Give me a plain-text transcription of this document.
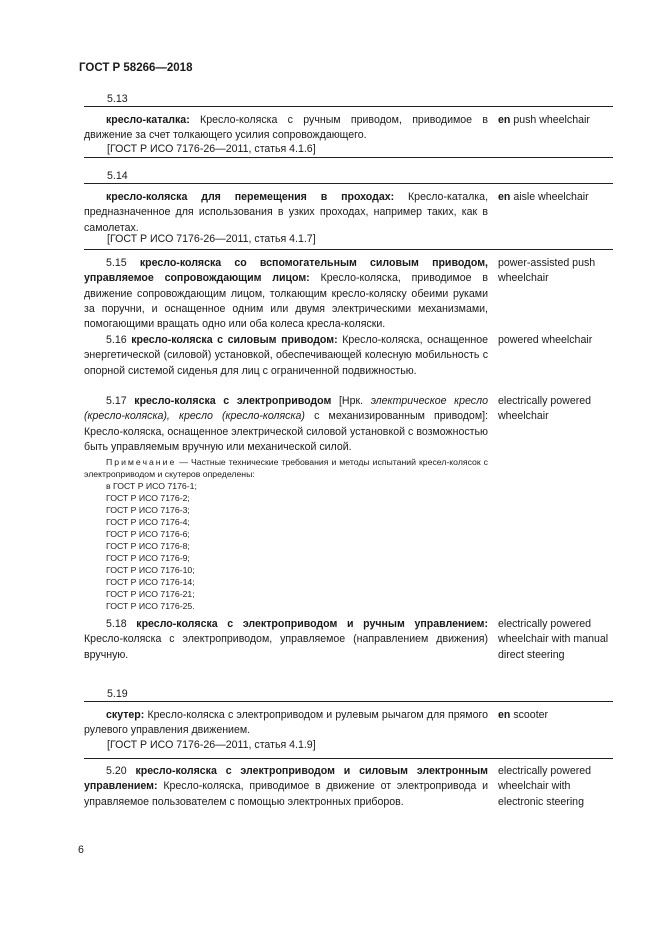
ГОСТ Р 58266—2018
5.13
кресло-каталка: Кресло-коляска с ручным приводом, приводимое в движение за счет толкающего усилия сопровождающего.
en push wheelchair
[ГОСТ Р ИСО 7176-26—2011, статья 4.1.6]
5.14
кресло-коляска для перемещения в проходах: Кресло-каталка, предназначенное для использования в узких проходах, например таких, как в самолетах.
en aisle wheelchair
[ГОСТ Р ИСО 7176-26—2011, статья 4.1.7]

5.15 кресло-коляска со вспомогательным силовым приводом, управляемое сопровождающим лицом: Кресло-коляска, приводимое в движение сопровождающим лицом, толкающим кресло-коляску обеими руками за поручни, и оснащенное одним или двумя электрическими механизмами, помогающими вращать одно или оба колеса кресла-коляски.

power-assisted push wheelchair

5.16 кресло-коляска с силовым приводом: Кресло-коляска, оснащенное энергетической (силовой) установкой, обеспечивающей колесную мобильность с опорной системой сиденья для лиц с ограниченной подвижностью.

powered wheelchair

5.17 кресло-коляска с электроприводом [Нрк. электрическое кресло (кресло-коляска), кресло (кресло-коляска) с механизированным приводом]: Кресло-коляска, оснащенное электрической силовой установкой с возможностью быть управляемым вручную или механической силой.

electrically powered wheelchair

Примечание — Частные технические требования и методы испытаний кресел-колясок с электроприводом и скутеров определены:

в ГОСТ Р ИСО 7176-1;
ГОСТ Р ИСО 7176-2;
ГОСТ Р ИСО 7176-3;
ГОСТ Р ИСО 7176-4;
ГОСТ Р ИСО 7176-6;
ГОСТ Р ИСО 7176-8;
ГОСТ Р ИСО 7176-9;
ГОСТ Р ИСО 7176-10;
ГОСТ Р ИСО 7176-14;
ГОСТ Р ИСО 7176-21;
ГОСТ Р ИСО 7176-25.

5.18 кресло-коляска с электроприводом и ручным управлением: Кресло-коляска с электроприводом, управляемое (направлением движения) вручную.

electrically powered wheelchair with manual direct steering

5.19
скутер: Кресло-коляска с электроприводом и рулевым рычагом для прямого рулевого управления движением.
en scooter
[ГОСТ Р ИСО 7176-26—2011, статья 4.1.9]

5.20 кресло-коляска с электроприводом и силовым электронным управлением: Кресло-коляска, приводимое в движение от электропривода и управляемое пользователем с помощью электронных приборов.

electrically powered wheelchair with electronic steering

6
